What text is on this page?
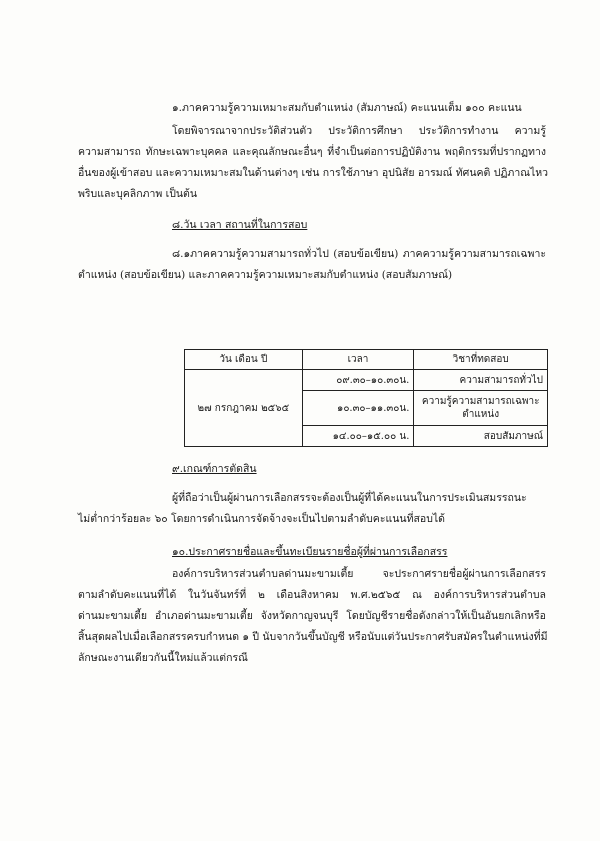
๑.ภาคความรู้ความเหมาะสมกับตำแหน่ง (สัมภาษณ์) คะแนนเต็ม ๑๐๐ คะแนน
โดยพิจารณาจากประวัติส่วนตัว ประวัติการศึกษา ประวัติการทำงาน ความรู้
ความสามารถ ทักษะเฉพาะบุคคล และคุณลักษณะอื่นๆ ที่จำเป็นต่อการปฏิบัติงาน พฤติกรรมที่ปรากฏทาง
อื่นของผู้เข้าสอบ และความเหมาะสมในด้านต่างๆ เช่น การใช้ภาษา อุปนิสัย อารมณ์ ทัศนคติ ปฏิภาณไหว
พริบและบุคลิกภาพ เป็นต้น
๘.วัน เวลา สถานที่ในการสอบ
๘.๑ภาคความรู้ความสามารถทั่วไป (สอบข้อเขียน) ภาคความรู้ความสามารถเฉพาะ
ตำแหน่ง (สอบข้อเขียน) และภาคความรู้ความเหมาะสมกับตำแหน่ง (สอบสัมภาษณ์)
วัน เดือน ปี	เวลา	วิชาที่ทดสอบ
๒๗ กรกฎาคม ๒๕๖๕	๐๙.๓๐–๑๐.๓๐น.	ความสามารถทั่วไป
	๑๐.๓๐–๑๑.๓๐น.	ความรู้ความสามารถเฉพาะ
ตำแหน่ง

	๑๔.๐๐–๑๕.๐๐ น.	สอบสัมภาษณ์
๙.เกณฑ์การตัดสิน
ผู้ที่ถือว่าเป็นผู้ผ่านการเลือกสรรจะต้องเป็นผู้ที่ได้คะแนนในการประเมินสมรรถนะ
ไม่ต่ำกว่าร้อยละ ๖๐ โดยการดำเนินการจัดจ้างจะเป็นไปตามลำดับคะแนนที่สอบได้
๑๐.ประกาศรายชื่อและขึ้นทะเบียนรายชื่อผู้ที่ผ่านการเลือกสรร
องค์การบริหารส่วนตำบลด่านมะขามเตี้ย จะประกาศรายชื่อผู้ผ่านการเลือกสรร
ตามลำดับคะแนนที่ได้ ในวันจันทร์ที่ ๒ เดือนสิงหาคม พ.ศ.๒๕๖๕ ณ องค์การบริหารส่วนตำบล
ด่านมะขามเตี้ย อำเภอด่านมะขามเตี้ย จังหวัดกาญจนบุรี โดยบัญชีรายชื่อดังกล่าวให้เป็นอันยกเลิกหรือ
สิ้นสุดผลไปเมื่อเลือกสรรครบกำหนด ๑ ปี นับจากวันขึ้นบัญชี หรือนับแต่วันประกาศรับสมัครในตำแหน่งที่มี
ลักษณะงานเดียวกันนี้ใหม่แล้วแต่กรณี
